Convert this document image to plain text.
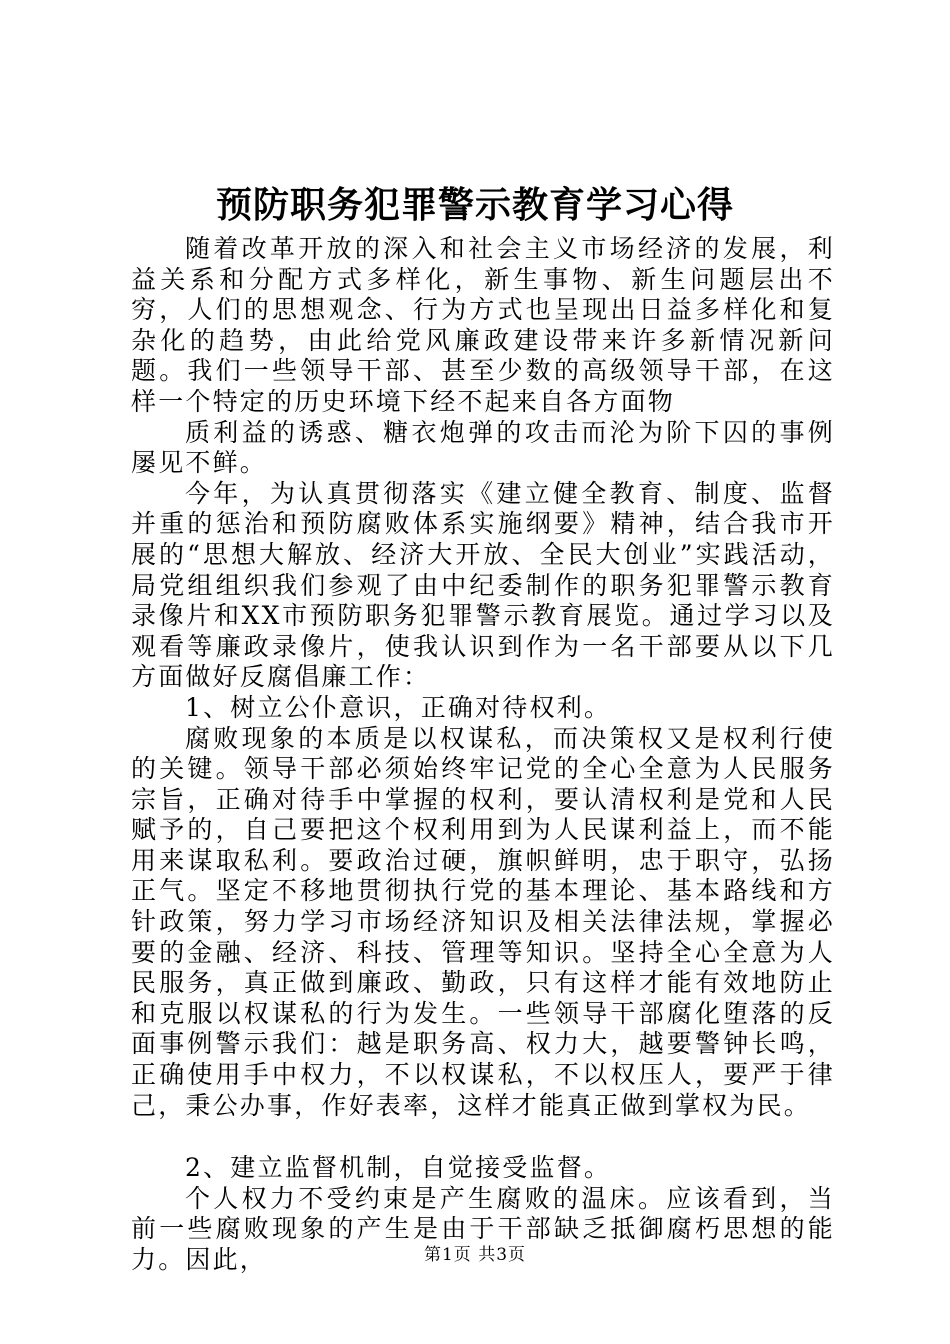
预防职务犯罪警示教育学习心得

随着改革开放的深入和社会主义市场经济的发展，利益关系和分配方式多样化，新生事物、新生问题层出不穷，人们的思想观念、行为方式也呈现出日益多样化和复杂化的趋势，由此给党风廉政建设带来许多新情况新问题。我们一些领导干部、甚至少数的高级领导干部，在这样一个特定的历史环境下经不起来自各方面物

质利益的诱惑、糖衣炮弹的攻击而沦为阶下囚的事例屡见不鲜。

今年，为认真贯彻落实《建立健全教育、制度、监督并重的惩治和预防腐败体系实施纲要》精神，结合我市开展的“思想大解放、经济大开放、全民大创业”实践活动，局党组组织我们参观了由中纪委制作的职务犯罪警示教育录像片和XX市预防职务犯罪警示教育展览。通过学习以及观看等廉政录像片，使我认识到作为一名干部要从以下几方面做好反腐倡廉工作：

1、树立公仆意识，正确对待权利。

腐败现象的本质是以权谋私，而决策权又是权利行使的关键。领导干部必须始终牢记党的全心全意为人民服务宗旨，正确对待手中掌握的权利，要认清权利是党和人民赋予的，自己要把这个权利用到为人民谋利益上，而不能用来谋取私利。要政治过硬，旗帜鲜明，忠于职守，弘扬正气。坚定不移地贯彻执行党的基本理论、基本路线和方针政策，努力学习市场经济知识及相关法律法规，掌握必要的金融、经济、科技、管理等知识。坚持全心全意为人民服务，真正做到廉政、勤政，只有这样才能有效地防止和克服以权谋私的行为发生。一些领导干部腐化堕落的反面事例警示我们：越是职务高、权力大，越要警钟长鸣，正确使用手中权力，不以权谋私，不以权压人，要严于律己，秉公办事，作好表率，这样才能真正做到掌权为民。

2、建立监督机制，自觉接受监督。

个人权力不受约束是产生腐败的温床。应该看到，当前一些腐败现象的产生是由于干部缺乏抵御腐朽思想的能力。因此，	第1页 共3页
